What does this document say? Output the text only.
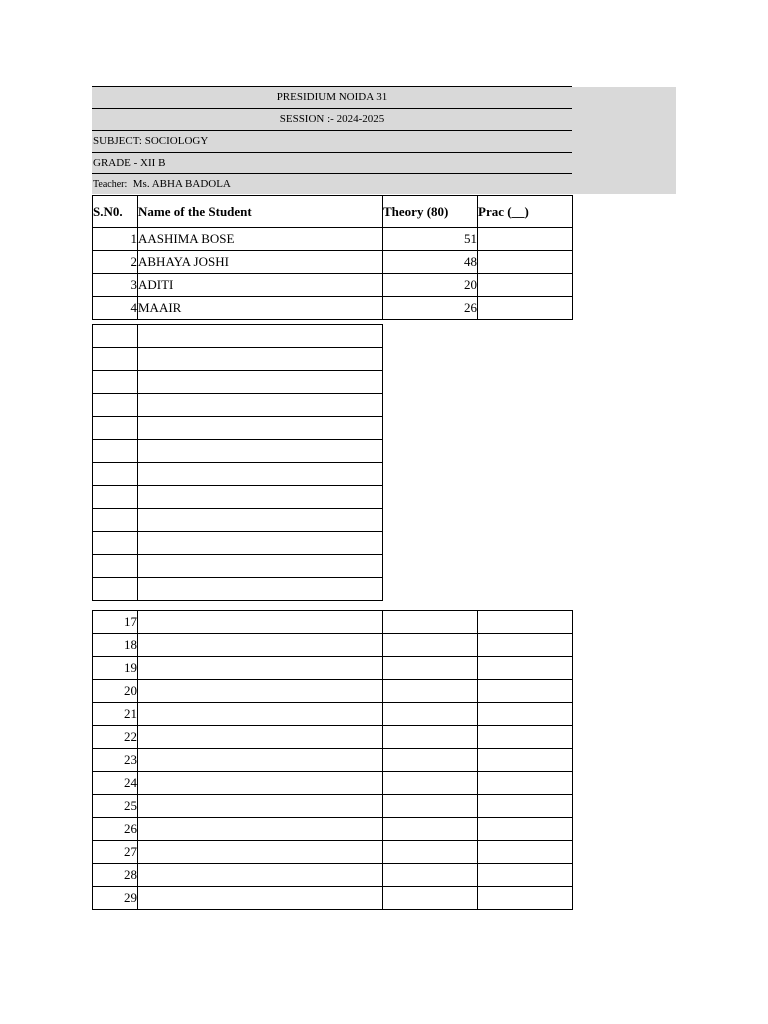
PRESIDIUM NOIDA 31
SESSION :- 2024-2025
SUBJECT: SOCIOLOGY
GRADE - XII B
Teacher: Ms. ABHA BADOLA
S.N0.	Name of the Student	Theory (80)	Prac (__)
1	AASHIMA BOSE	51	
2	ABHAYA JOSHI	48	
3	ADITI	20	
4	MAAIR	26	

17			
18			
19			
20			
21			
22			
23			
24			
25			
26			
27			
28			
29			
